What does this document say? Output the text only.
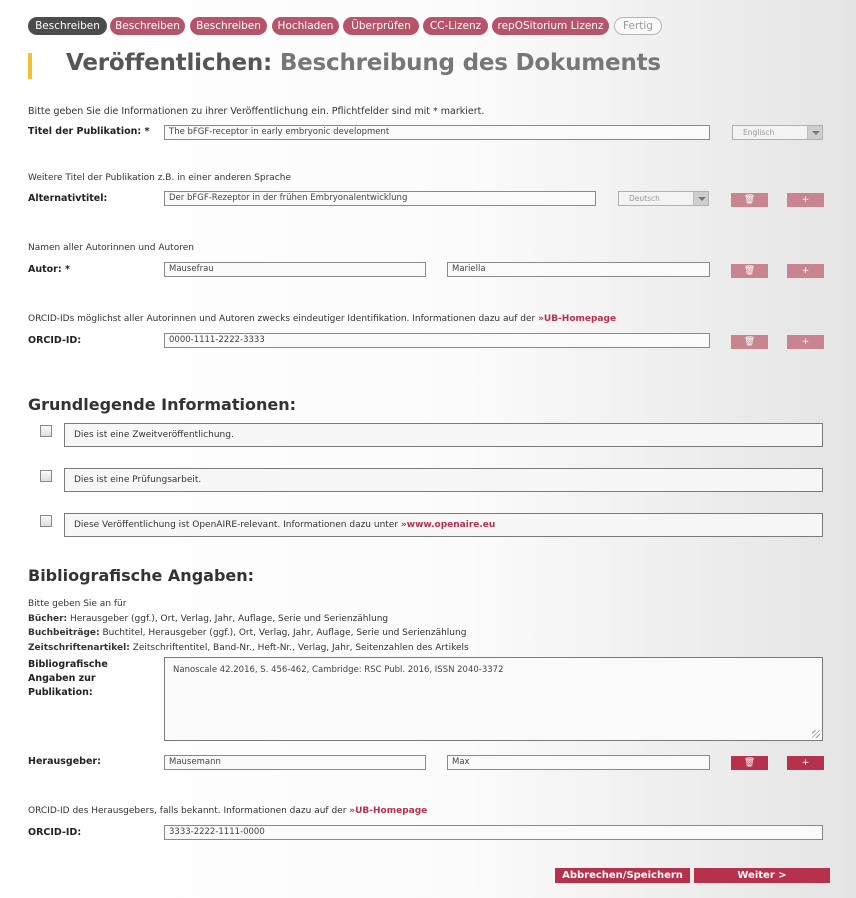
Beschreiben	Beschreiben	Beschreiben	Hochladen	Überprüfen	CC-Lizenz	repOSitorium Lizenz	Fertig
Veröffentlichen: Beschreibung des Dokuments
Bitte geben Sie die Informationen zu ihrer Veröffentlichung ein. Pflichtfelder sind mit * markiert.
Titel der Publikation: *	The bFGF-receptor in early embryonic development	Englisch
Weitere Titel der Publikation z.B. in einer anderen Sprache
Alternativtitel:	Der bFGF-Rezeptor in der frühen Embryonalentwicklung	Deutsch	🗑	+
Namen aller Autorinnen und Autoren
Autor: *	Mausefrau	Mariella	🗑	+
ORCID-IDs möglichst aller Autorinnen und Autoren zwecks eindeutiger Identifikation. Informationen dazu auf der » UB-Homepage
ORCID-ID:	0000-1111-2222-3333	🗑	+
Grundlegende Informationen:
Dies ist eine Zweitveröffentlichung.
Dies ist eine Prüfungsarbeit.
Diese Veröffentlichung ist OpenAIRE-relevant. Informationen dazu unter » www.openaire.eu
Bibliografische Angaben:
Bitte geben Sie an für
Bücher: Herausgeber (ggf.), Ort, Verlag, Jahr, Auflage, Serie und Serienzählung
Buchbeiträge: Buchtitel, Herausgeber (ggf.), Ort, Verlag, Jahr, Auflage, Serie und Serienzählung
Zeitschriftenartikel: Zeitschriftentitel, Band-Nr., Heft-Nr., Verlag, Jahr, Seitenzahlen des Artikels
Bibliografische
Angaben zur
Publikation:
Nanoscale 42.2016, S. 456-462, Cambridge: RSC Publ. 2016, ISSN 2040-3372
Herausgeber:	Mausemann	Max	🗑	+
ORCID-ID des Herausgebers, falls bekannt. Informationen dazu auf der » UB-Homepage
ORCID-ID:	3333-2222-1111-0000
Abbrechen/Speichern	Weiter >
